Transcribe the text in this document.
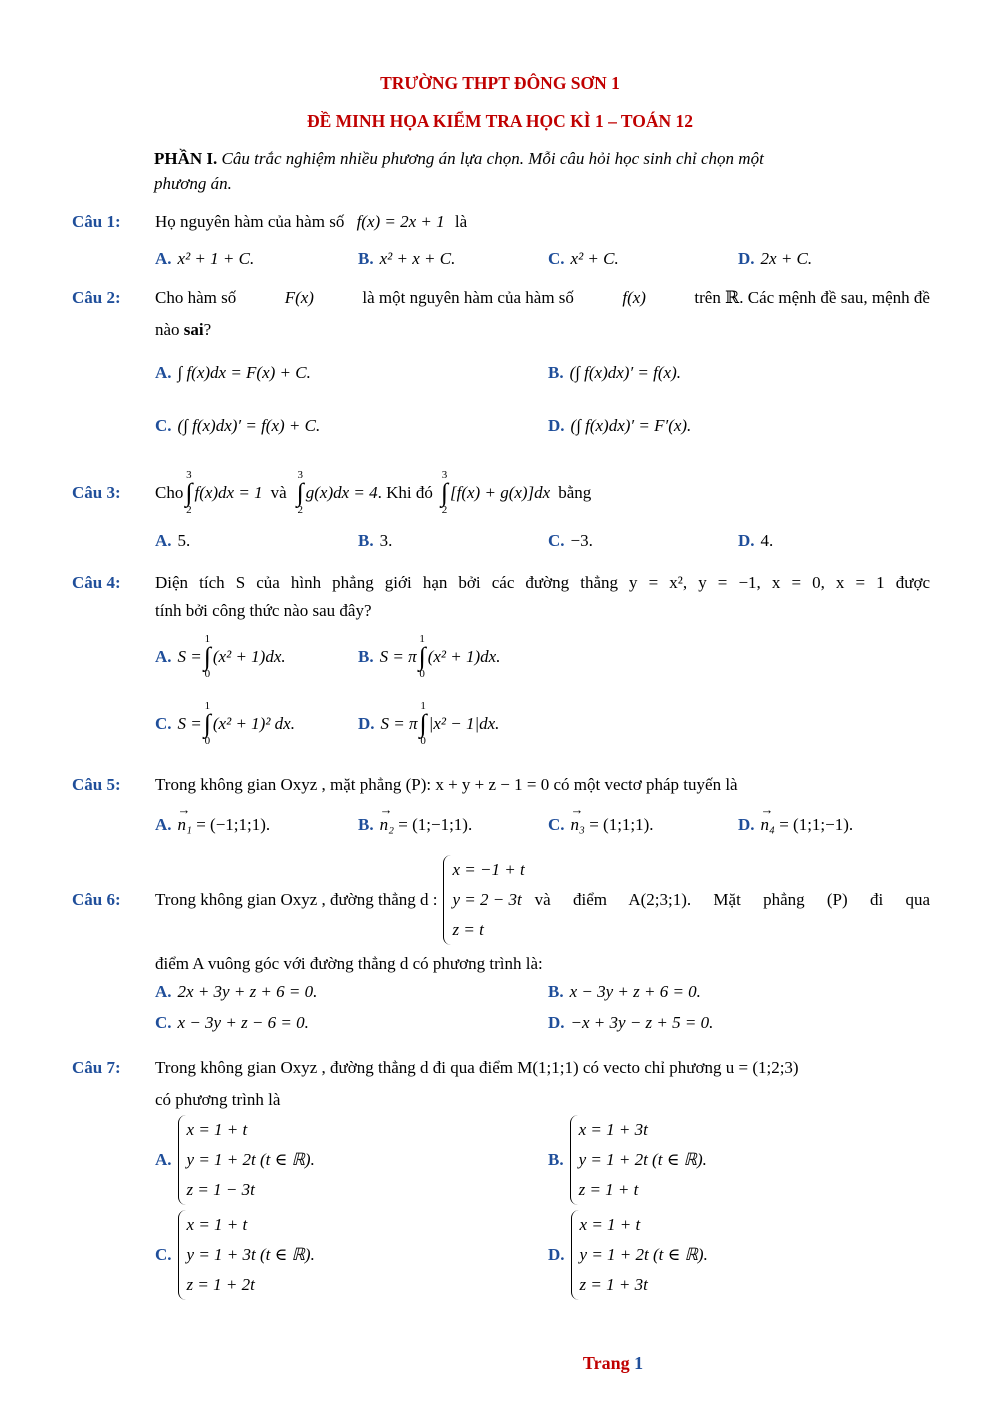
TRƯỜNG THPT ĐÔNG SƠN 1
ĐỀ MINH HỌA KIỂM TRA HỌC KÌ 1 – TOÁN 12
PHẦN I. Câu trắc nghiệm nhiều phương án lựa chọn. Mỗi câu hỏi học sinh chỉ chọn một
phương án.
Câu 1: Họ nguyên hàm của hàm số f(x) = 2x + 1 là
A. x² + 1 + C.	B. x² + x + C.	C. x² + C.	D. 2x + C.
Câu 2: Cho hàm số	F(x)	là một nguyên hàm của hàm số	f(x)	trên ℝ. Các mệnh đề sau, mệnh đề
nào sai?
A. ∫ f(x)dx = F(x) + C.	B. (∫ f(x)dx)′ = f(x).
C. (∫ f(x)dx)′ = f(x) + C.	D. (∫ f(x)dx)′ = F′(x).
Câu 3: Cho
3
∫
2
f(x)dx = 1 và
3
∫
2
g(x)dx = 4 . Khi đó
3
∫
2
[f(x) + g(x)]dx bằng
A. 5.	B. 3.	C. −3.	D. 4.
Câu 4: Diện tích S của hình phẳng giới hạn bởi các đường thẳng y = x², y = −1, x = 0, x = 1 được
tính bởi công thức nào sau đây?
A. S =
1
∫
0
(x² + 1)dx.	B. S = π
1
∫
0
(x² + 1)dx.
C. S =
1
∫
0
(x² + 1)² dx.	D. S = π
1
∫
0
|x² − 1|dx.
Câu 5: Trong không gian Oxyz , mặt phẳng (P): x + y + z − 1 = 0 có một vectơ pháp tuyến là
A. → n₁ = (−1;1;1).	B. → n₂ = (1;−1;1).	C. → n₃ = (1;1;1).	D. → n₄ = (1;1;−1).
Câu 6: Trong không gian Oxyz , đường thẳng d :
x = −1 + t
y = 2 − 3t
z = t
và điểm A(2;3;1). Mặt phẳng (P) đi qua
điểm A vuông góc với đường thẳng d có phương trình là:
A. 2x + 3y + z + 6 = 0.	B. x − 3y + z + 6 = 0.
C. x − 3y + z − 6 = 0.	D. −x + 3y − z + 5 = 0.
Câu 7: Trong không gian Oxyz , đường thẳng d đi qua điểm M(1;1;1) có vecto chỉ phương u = (1;2;3)
có phương trình là
A.
x = 1 + t
y = 1 + 2t (t ∈ ℝ).
z = 1 − 3t
B.
x = 1 + 3t
y = 1 + 2t (t ∈ ℝ).
z = 1 + t
C.
x = 1 + t
y = 1 + 3t (t ∈ ℝ).
z = 1 + 2t
D.
x = 1 + t
y = 1 + 2t (t ∈ ℝ).
z = 1 + 3t
Trang 1
